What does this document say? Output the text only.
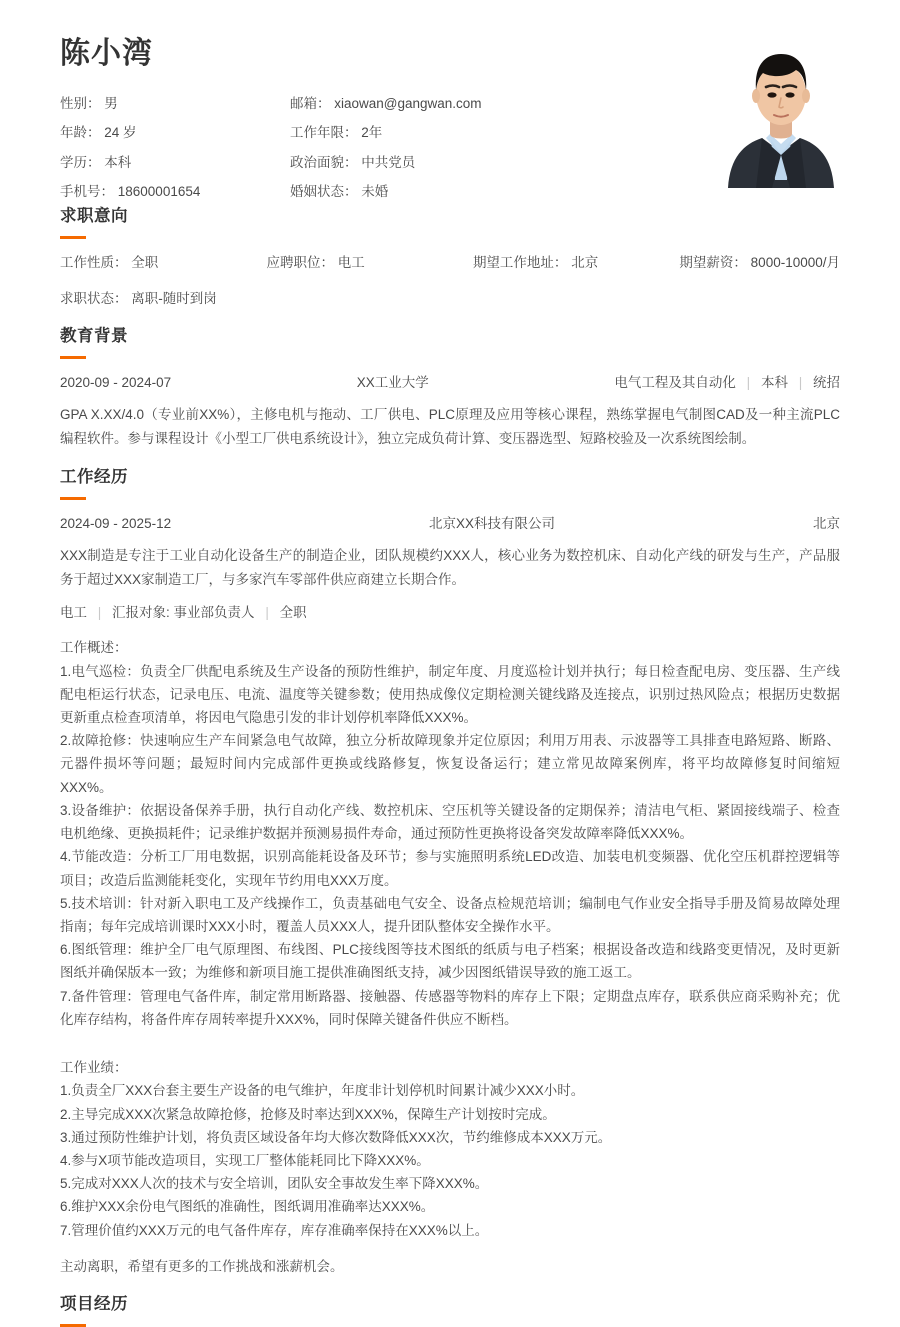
陈小湾
性别： 男	邮箱： xiaowan@gangwan.com
年龄： 24 岁	工作年限： 2年
学历： 本科	政治面貌： 中共党员
手机号： 18600001654	婚姻状态： 未婚
求职意向
工作性质： 全职	应聘职位： 电工	期望工作地址： 北京	期望薪资： 8000-10000/月
求职状态： 离职-随时到岗
教育背景
2020-09 - 2024-07	XX工业大学	电气工程及其自动化 | 本科 | 统招
GPA X.XX/4.0（专业前XX%），主修电机与拖动、工厂供电、PLC原理及应用等核心课程，熟练掌握电气制图CAD及一种主流PLC编程软件。参与课程设计《小型工厂供电系统设计》，独立完成负荷计算、变压器选型、短路校验及一次系统图绘制。
工作经历
2024-09 - 2025-12	北京XX科技有限公司	北京
XXX制造是专注于工业自动化设备生产的制造企业，团队规模约XXX人，核心业务为数控机床、自动化产线的研发与生产，产品服务于超过XXX家制造工厂，与多家汽车零部件供应商建立长期合作。
电工 | 汇报对象: 事业部负责人 | 全职

工作概述：

1.电气巡检：负责全厂供配电系统及生产设备的预防性维护，制定年度、月度巡检计划并执行；每日检查配电房、变压器、生产线配电柜运行状态，记录电压、电流、温度等关键参数；使用热成像仪定期检测关键线路及连接点，识别过热风险点；根据历史数据更新重点检查项清单，将因电气隐患引发的非计划停机率降低XXX%。

2.故障抢修：快速响应生产车间紧急电气故障，独立分析故障现象并定位原因；利用万用表、示波器等工具排查电路短路、断路、元器件损坏等问题；最短时间内完成部件更换或线路修复，恢复设备运行；建立常见故障案例库，将平均故障修复时间缩短XXX%。

3.设备维护：依据设备保养手册，执行自动化产线、数控机床、空压机等关键设备的定期保养；清洁电气柜、紧固接线端子、检查电机绝缘、更换损耗件；记录维护数据并预测易损件寿命，通过预防性更换将设备突发故障率降低XXX%。

4.节能改造：分析工厂用电数据，识别高能耗设备及环节；参与实施照明系统LED改造、加装电机变频器、优化空压机群控逻辑等项目；改造后监测能耗变化，实现年节约用电XXX万度。

5.技术培训：针对新入职电工及产线操作工，负责基础电气安全、设备点检规范培训；编制电气作业安全指导手册及简易故障处理指南；每年完成培训课时XXX小时，覆盖人员XXX人，提升团队整体安全操作水平。

6.图纸管理：维护全厂电气原理图、布线图、PLC接线图等技术图纸的纸质与电子档案；根据设备改造和线路变更情况，及时更新图纸并确保版本一致；为维修和新项目施工提供准确图纸支持，减少因图纸错误导致的施工返工。

7.备件管理：管理电气备件库，制定常用断路器、接触器、传感器等物料的库存上下限；定期盘点库存，联系供应商采购补充；优化库存结构，将备件库存周转率提升XXX%，同时保障关键备件供应不断档。

工作业绩：

1.负责全厂XXX台套主要生产设备的电气维护，年度非计划停机时间累计减少XXX小时。

2.主导完成XXX次紧急故障抢修，抢修及时率达到XXX%，保障生产计划按时完成。

3.通过预防性维护计划，将负责区域设备年均大修次数降低XXX次，节约维修成本XXX万元。

4.参与X项节能改造项目，实现工厂整体能耗同比下降XXX%。

5.完成对XXX人次的技术与安全培训，团队安全事故发生率下降XXX%。

6.维护XXX余份电气图纸的准确性，图纸调用准确率达XXX%。

7.管理价值约XXX万元的电气备件库存，库存准确率保持在XXX%以上。

主动离职，希望有更多的工作挑战和涨薪机会。
项目经历
